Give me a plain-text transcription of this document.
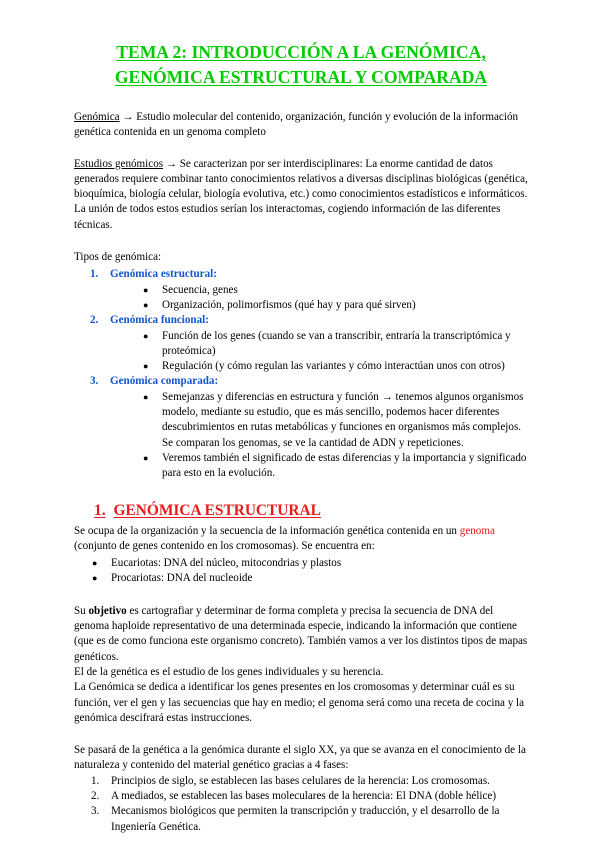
TEMA 2: INTRODUCCIÓN A LA GENÓMICA, GENÓMICA ESTRUCTURAL Y COMPARADA

Genómica → Estudio molecular del contenido, organización, función y evolución de la información genética contenida en un genoma completo

Estudios genómicos → Se caracterizan por ser interdisciplinares: La enorme cantidad de datos generados requiere combinar tanto conocimientos relativos a diversas disciplinas biológicas (genética, bioquímica, biología celular, biología evolutiva, etc.) como conocimientos estadísticos e informáticos.

La unión de todos estos estudios serían los interactomas, cogiendo información de las diferentes técnicas.

Tipos de genómica:

1. Genómica estructural:
● Secuencia, genes
● Organización, polimorfismos (qué hay y para qué sirven)
2. Genómica funcional:
● Función de los genes (cuando se van a transcribir, entraría la transcriptómica y proteómica)
● Regulación (y cómo regulan las variantes y cómo interactúan unos con otros)
3. Genómica comparada:
● Semejanzas y diferencias en estructura y función → tenemos algunos organismos modelo, mediante su estudio, que es más sencillo, podemos hacer diferentes descubrimientos en rutas metabólicas y funciones en organismos más complejos. Se comparan los genomas, se ve la cantidad de ADN y repeticiones.
● Veremos también el significado de estas diferencias y la importancia y significado para esto en la evolución.
1. GENÓMICA ESTRUCTURAL

Se ocupa de la organización y la secuencia de la información genética contenida en un genoma (conjunto de genes contenido en los cromosomas). Se encuentra en:

● Eucariotas: DNA del núcleo, mitocondrias y plastos
● Procariotas: DNA del nucleoide

Su objetivo es cartografiar y determinar de forma completa y precisa la secuencia de DNA del genoma haploide representativo de una determinada especie, indicando la información que contiene (que es de como funciona este organismo concreto). También vamos a ver los distintos tipos de mapas genéticos.

El de la genética es el estudio de los genes individuales y su herencia.

La Genómica se dedica a identificar los genes presentes en los cromosomas y determinar cuál es su función, ver el gen y las secuencias que hay en medio; el genoma será como una receta de cocina y la genómica descifrará estas instrucciones.

Se pasará de la genética a la genómica durante el siglo XX, ya que se avanza en el conocimiento de la naturaleza y contenido del material genético gracias a 4 fases:

1. Principios de siglo, se establecen las bases celulares de la herencia: Los cromosomas.
2. A mediados, se establecen las bases moleculares de la herencia: El DNA (doble hélice)
3. Mecanismos biológicos que permiten la transcripción y traducción, y el desarrollo de la Ingeniería Genética.
